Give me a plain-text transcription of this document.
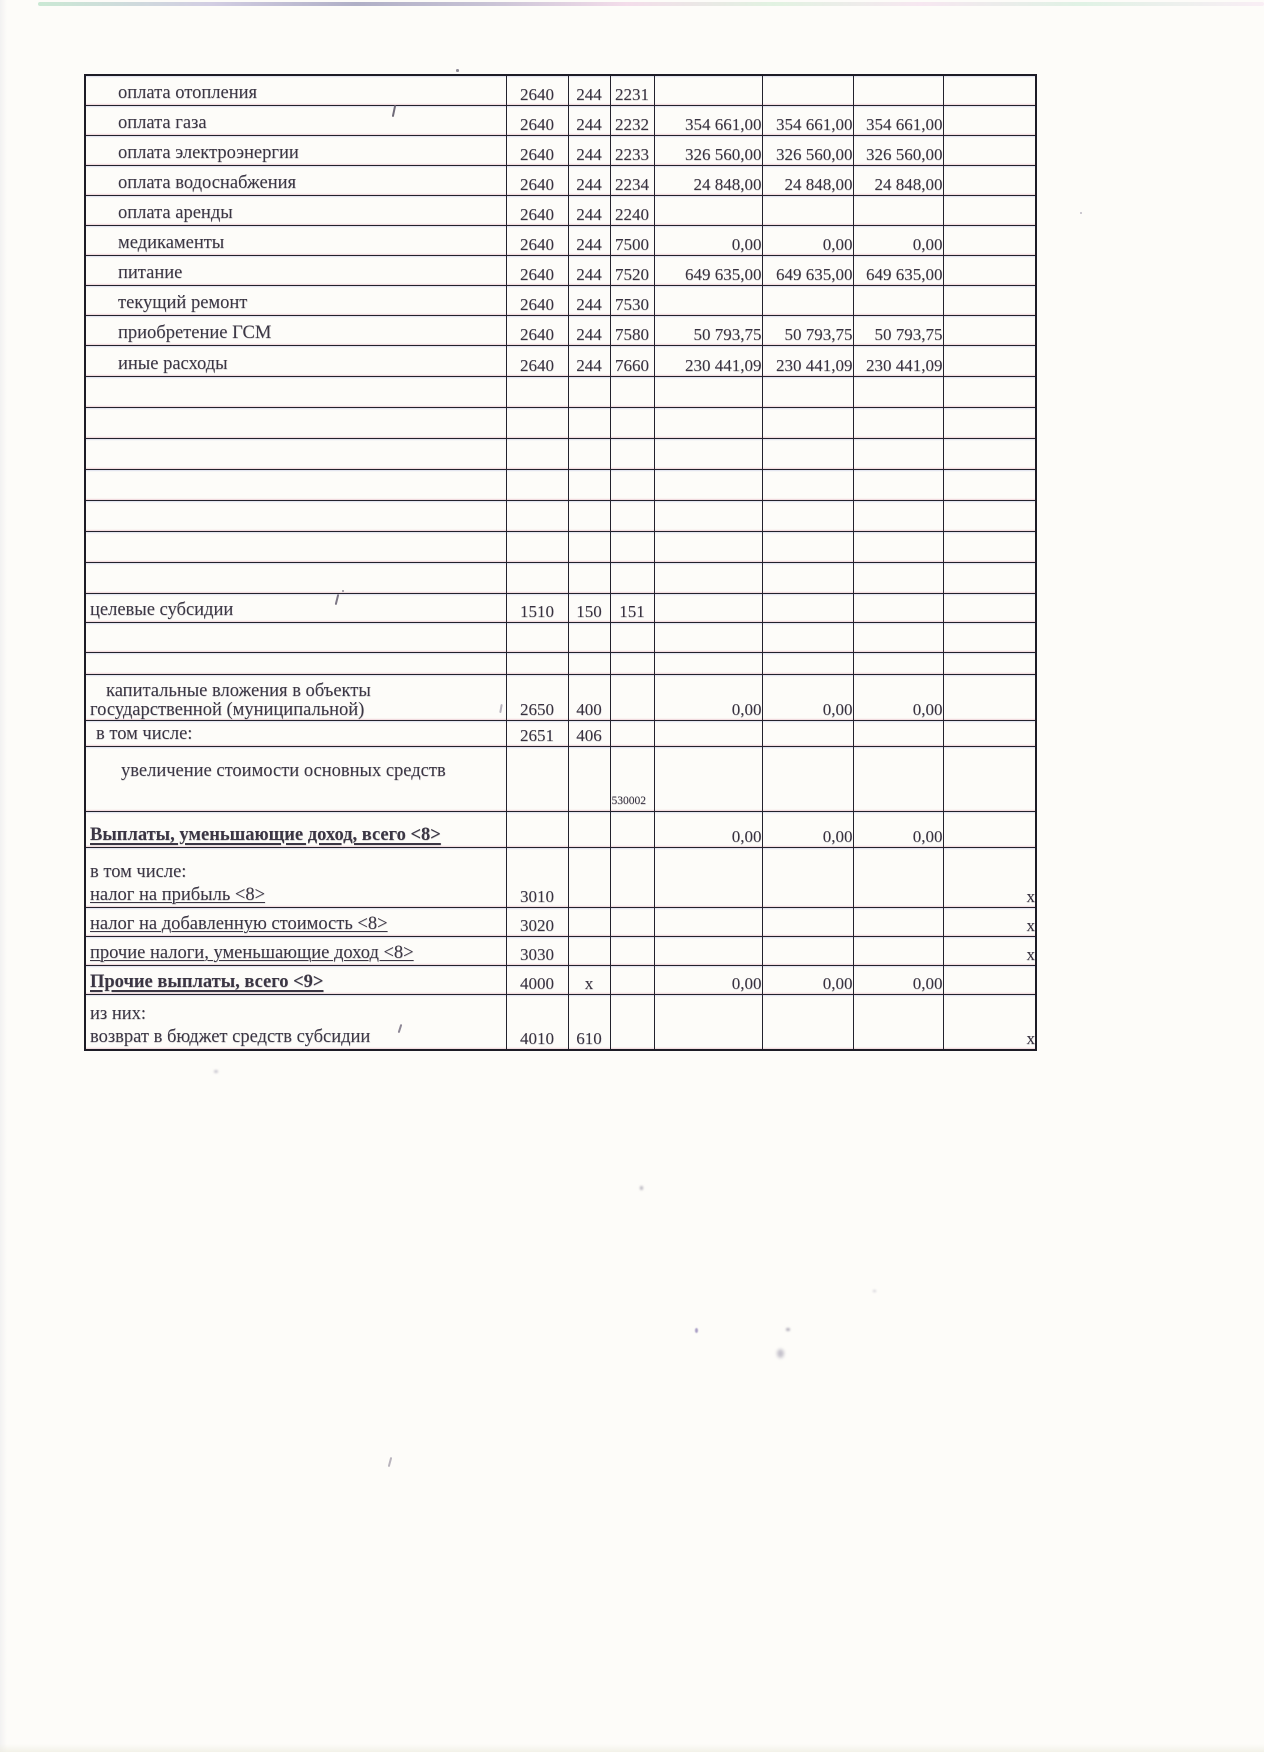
оплата отопления	2640	244	2231				

оплата газа	2640	244	2232	354 661,00	354 661,00	354 661,00	

оплата электроэнергии	2640	244	2233	326 560,00	326 560,00	326 560,00	

оплата водоснабжения	2640	244	2234	24 848,00	24 848,00	24 848,00	

оплата аренды	2640	244	2240				

медикаменты	2640	244	7500	0,00	0,00	0,00	

питание	2640	244	7520	649 635,00	649 635,00	649 635,00	

текущий ремонт	2640	244	7530				

приобретение ГСМ	2640	244	7580	50 793,75	50 793,75	50 793,75	

иные расходы	2640	244	7660	230 441,09	230 441,09	230 441,09	

целевые субсидии	1510	150	151				

капитальные вложения в объекты
государственной (муниципальной)	2650	400		0,00	0,00	0,00	

в том числе:	2651	406					

увеличение стоимости основных средств			530002				

Выплаты, уменьшающие доход, всего <8>				0,00	0,00	0,00	

в том числе:
налог на прибыль <8>	3010						x

налог на добавленную стоимость <8>	3020						x

прочие налоги, уменьшающие доход <8>	3030						x

Прочие выплаты, всего <9>	4000	x		0,00	0,00	0,00	

из них:
возврат в бюджет средств субсидии	4010	610					x
